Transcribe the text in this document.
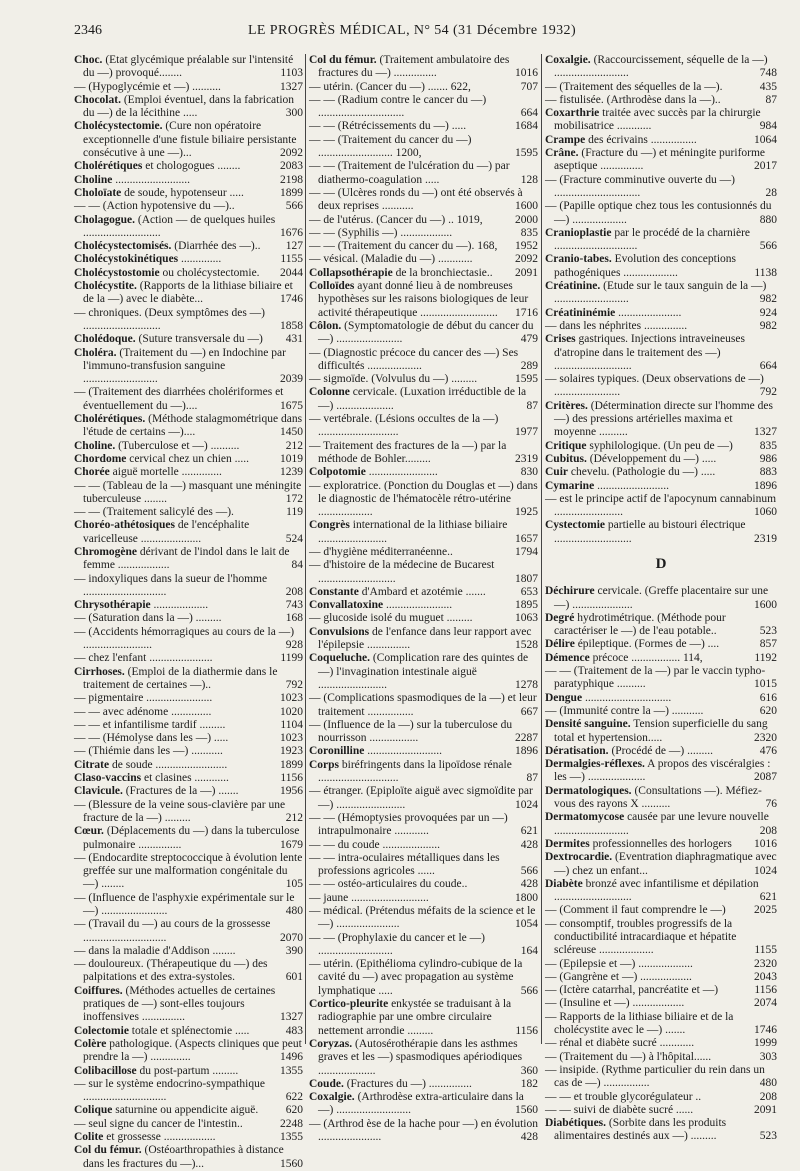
2346	LE PROGRÈS MÉDICAL, N° 54 (31 Décembre 1932)
Choc. (Etat glycémique préalable sur l'intensité du —) provoqué........	1103
— (Hypoglycémie et —) ..........	1327
Chocolat. (Emploi éventuel, dans la fabrication du —) de la lécithine .....	300
Cholécystectomie. (Cure non opératoire exceptionnelle d'une fistule biliaire persistante consécutive à une —)...	2092
Cholérétiques et chologogues ........	2083
Choline ..........................	2198
Choloïate de soude, hypotenseur .....	1899
— — (Action hypotensive du —)..	566
Cholagogue. (Action — de quelques huiles ...........................	1676
Cholécystectomisés. (Diarrhée des —).. 127
Cholécystokinétiques ..............	1155
Cholécystostomie ou cholécystectomie. 2044
Cholécystite. (Rapports de la lithiase biliaire et de la —) avec le diabète...	1746
— chroniques. (Deux symptômes des —) ...........................	1858
Cholédoque. (Suture transversale du —) 431
Choléra. (Traitement du —) en Indochine par l'immuno-transfusion sanguine ..........................	2039
— (Traitement des diarrhées cholériformes et éventuellement du —)....	1675
Cholérétiques. (Méthode stalagmométrique dans l'étude de certains —)....	1450
Choline. (Tuberculose et —) ..........	212
Chordome cervical chez un chien .....	1019
Chorée aiguë mortelle ..............	1239
— — (Tableau de la —) masquant une méningite tuberculeuse ........	172
— — (Traitement salicylé des —).	119
Choréo-athétosiques de l'encéphalite varicelleuse .....................	524
Chromogène dérivant de l'indol dans le lait de femme ..................	84
— indoxyliques dans la sueur de l'homme .............................	208
Chrysothérapie ...................	743
— (Saturation dans la —) .........	168
— (Accidents hémorragiques au cours de la —) ........................	928
— chez l'enfant ......................	1199
Cirrhoses. (Emploi de la diathermie dans le traitement de certaines —)..	792
— pigmentaire .......................	1023
— — avec adénome ..............	1020
— — et infantilisme tardif .........	1104
— — (Hémolyse dans les —) .....	1023
— (Thiémie dans les —) ...........	1923
Citrate de soude .........................	1899
Claso-vaccins et clasines ............	1156
Clavicule. (Fractures de la —) .......	1956
— (Blessure de la veine sous-clavière par une fracture de la —) .........	212
Cœur. (Déplacements du —) dans la tuberculose pulmonaire ...............	1679
— (Endocardite streptococcique à évolution lente greffée sur une malformation congénitale du —) ........	105
— (Influence de l'asphyxie expérimentale sur le —) .......................	480
— (Travail du —) au cours de la grossesse .............................	2070
— dans la maladie d'Addison ........	390
— douloureux. (Thérapeutique du —) des palpitations et des extra-systoles.	601
Coiffures. (Méthodes actuelles de certaines pratiques de —) sont-elles toujours inoffensives ...............	1327
Colectomie totale et splénectomie .....	483
Colère pathologique. (Aspects cliniques que peut prendre la —) ..............	1496
Colibacillose du post-partum .........	1355
— sur le système endocrino-sympathique .............................	622
Colique saturnine ou appendicite aiguë. 620
— seul signe du cancer de l'intestin..	2248
Colite et grossesse ..................	1355
Col du fémur. (Ostéoarthropathies à distance dans les fractures du —)...	1560
Col du fémur. (Traitement ambulatoire des fractures du —) ...............	1016
— utérin. (Cancer du —) ....... 622,	707
— — (Radium contre le cancer du —) ..............................	664
— — (Rétrécissements du —) .....	1684
— — (Traitement du cancer du —) .......................... 1200,	1595
— — (Traitement de l'ulcération du —) par diathermo-coagulation .....	128
— — (Ulcères ronds du —) ont été observés à deux reprises ...........	1600
— de l'utérus. (Cancer du —) .. 1019,	2000
— — (Syphilis —) ..................	835
— — (Traitement du cancer du —). 168, 1952
— vésical. (Maladie du —) ............	2092
Collapsothérapie de la bronchiectasie.. 2091
Colloïdes ayant donné lieu à de nombreuses hypothèses sur les raisons biologiques de leur activité thérapeutique ........................... 1716
Côlon. (Symptomatologie de début du cancer du —) .......................	479
— (Diagnostic précoce du cancer des —) Ses difficultés ...................	289
— sigmoïde. (Volvulus du —) .........	1595
Colonne cervicale. (Luxation irréductible de la —) ....................	87
— vertébrale. (Lésions occultes de la —) ............................	1977
— Traitement des fractures de la —) par la méthode de Bohler.........	2319
Colpotomie ........................	830
— exploratrice. (Ponction du Douglas et —) dans le diagnostic de l'hématocèle rétro-utérine ...................	1925
Congrès international de la lithiase biliaire ........................	1657
— d'hygiène méditerranéenne..	1794
— d'histoire de la médecine de Bucarest ...........................	1807
Constante d'Ambard et azotémie .......	653
Convallatoxine .......................	1895
— glucoside isolé du muguet .........	1063
Convulsions de l'enfance dans leur rapport avec l'épilepsie ...............	1528
Coqueluche. (Complication rare des quintes de —) l'invagination intestinale aiguë ........................	1278
— (Complications spasmodiques de la —) et leur traitement ................	667
— (Influence de la —) sur la tuberculose du nourrisson .................	2287
Coronilline ..........................	1896
Corps biréfringents dans la lipoïdose rénale ............................	87
— étranger. (Epiploïte aiguë avec sigmoïdite par —) ........................	1024
— — (Hémoptysies provoquées par un —) intrapulmonaire ............	621
— — du coude ....................	428
— — intra-oculaires métalliques dans les professions agricoles ......	566
— — ostéo-articulaires du coude..	428
— jaune ...........................	1800
— médical. (Prétendus méfaits de la science et le —) ......................	1054
— — (Prophylaxie du cancer et le —) ..........................	164
— utérin. (Epithélioma cylindro-cubique de la cavité du —) avec propagation au système lymphatique .....	566
Cortico-pleurite enkystée se traduisant à la radiographie par une ombre circulaire nettement arrondie .........	1156
Coryzas. (Autosérothérapie dans les asthmes graves et les —) spasmodiques apériodiques ....................	360
Coude. (Fractures du —) ...............	182
Coxalgie. (Arthrodèse extra-articulaire dans la —) ..........................	1560
— (Arthrod èse de la hache pour —) en évolution ......................	428
Coxalgie. (Raccourcissement, séquelle de la —) ..........................	748
— (Traitement des séquelles de la —).	435
— fistulisée. (Arthrodèse dans la —)..	87
Coxarthrie traitée avec succès par la chirurgie mobilisatrice ............	984
Crampe des écrivains ................	1064
Crâne. (Fracture du —) et méningite puriforme aseptique ...............	2017
— (Fracture comminutive ouverte du —) ..............................	28
— (Papille optique chez tous les contusionnés du —) ...................	880
Cranioplastie par le procédé de la charnière .............................	566
Cranio-tabes. Evolution des conceptions pathogéniques ...................	1138
Créatinine. (Etude sur le taux sanguin de la —) ..........................	982
Créatininémie ......................	924
— dans les néphrites ...............	982
Crises gastriques. Injections intraveineuses d'atropine dans le traitement des —) ...........................	664
— solaires typiques. (Deux observations de —) .......................	792
Critères. (Détermination directe sur l'homme des —) des pressions artérielles maxima et moyenne ..........	1327
Critique syphilologique. (Un peu de —) 835
Cubitus. (Développement du —) .....	986
Cuir chevelu. (Pathologie du —) .....	883
Cymarine .........................	1896
— est le principe actif de l'apocynum cannabinum ........................	1060
Cystectomie partielle au bistouri électrique ...........................	2319
D
Déchirure cervicale. (Greffe placentaire sur une —) .....................	1600
Degré hydrotimétrique. (Méthode pour caractériser le —) de l'eau potable..	523
Délire épileptique. (Formes de —) ....	857
Démence précoce ................. 114,	1192
— — (Traitement de la —) par le vaccin typho-paratyphique ..........	1015
Dengue ..............................	616
— (Immunité contre la —) ...........	620
Densité sanguine. Tension superficielle du sang total et hypertension.....	2320
Dératisation. (Procédé de —) .........	476
Dermalgies-réflexes. A propos des viscéralgies : les —) ....................	2087
Dermatologiques. (Consultations —). Méfiez-vous des rayons X ..........	76
Dermatomycose causée par une levure nouvelle ..........................	208
Dermites professionnelles des horlogers 1016
Dextrocardie. (Eventration diaphragmatique avec —) chez un enfant...	1024
Diabète bronzé avec infantilisme et dépilation ...........................	621
— (Comment il faut comprendre le —) 2025
— consomptif, troubles progressifs de la conductibilité intracardiaque et hépatite scléreuse ...................	1155
— (Epilepsie et —) ...................	2320
— (Gangrène et —) ..................	2043
— (Ictère catarrhal, pancréatite et —)	1156
— (Insuline et —) ..................	2074
— Rapports de la lithiase biliaire et de la cholécystite avec le —) .......	1746
— rénal et diabète sucré ............	1999
— (Traitement du —) à l'hôpital......	303
— insipide. (Rythme particulier du rein dans un cas de —) ................	480
— — et trouble glycorégulateur ..	208
— — suivi de diabète sucré ......	2091
Diabétiques. (Sorbite dans les produits alimentaires destinés aux —) .........	523
